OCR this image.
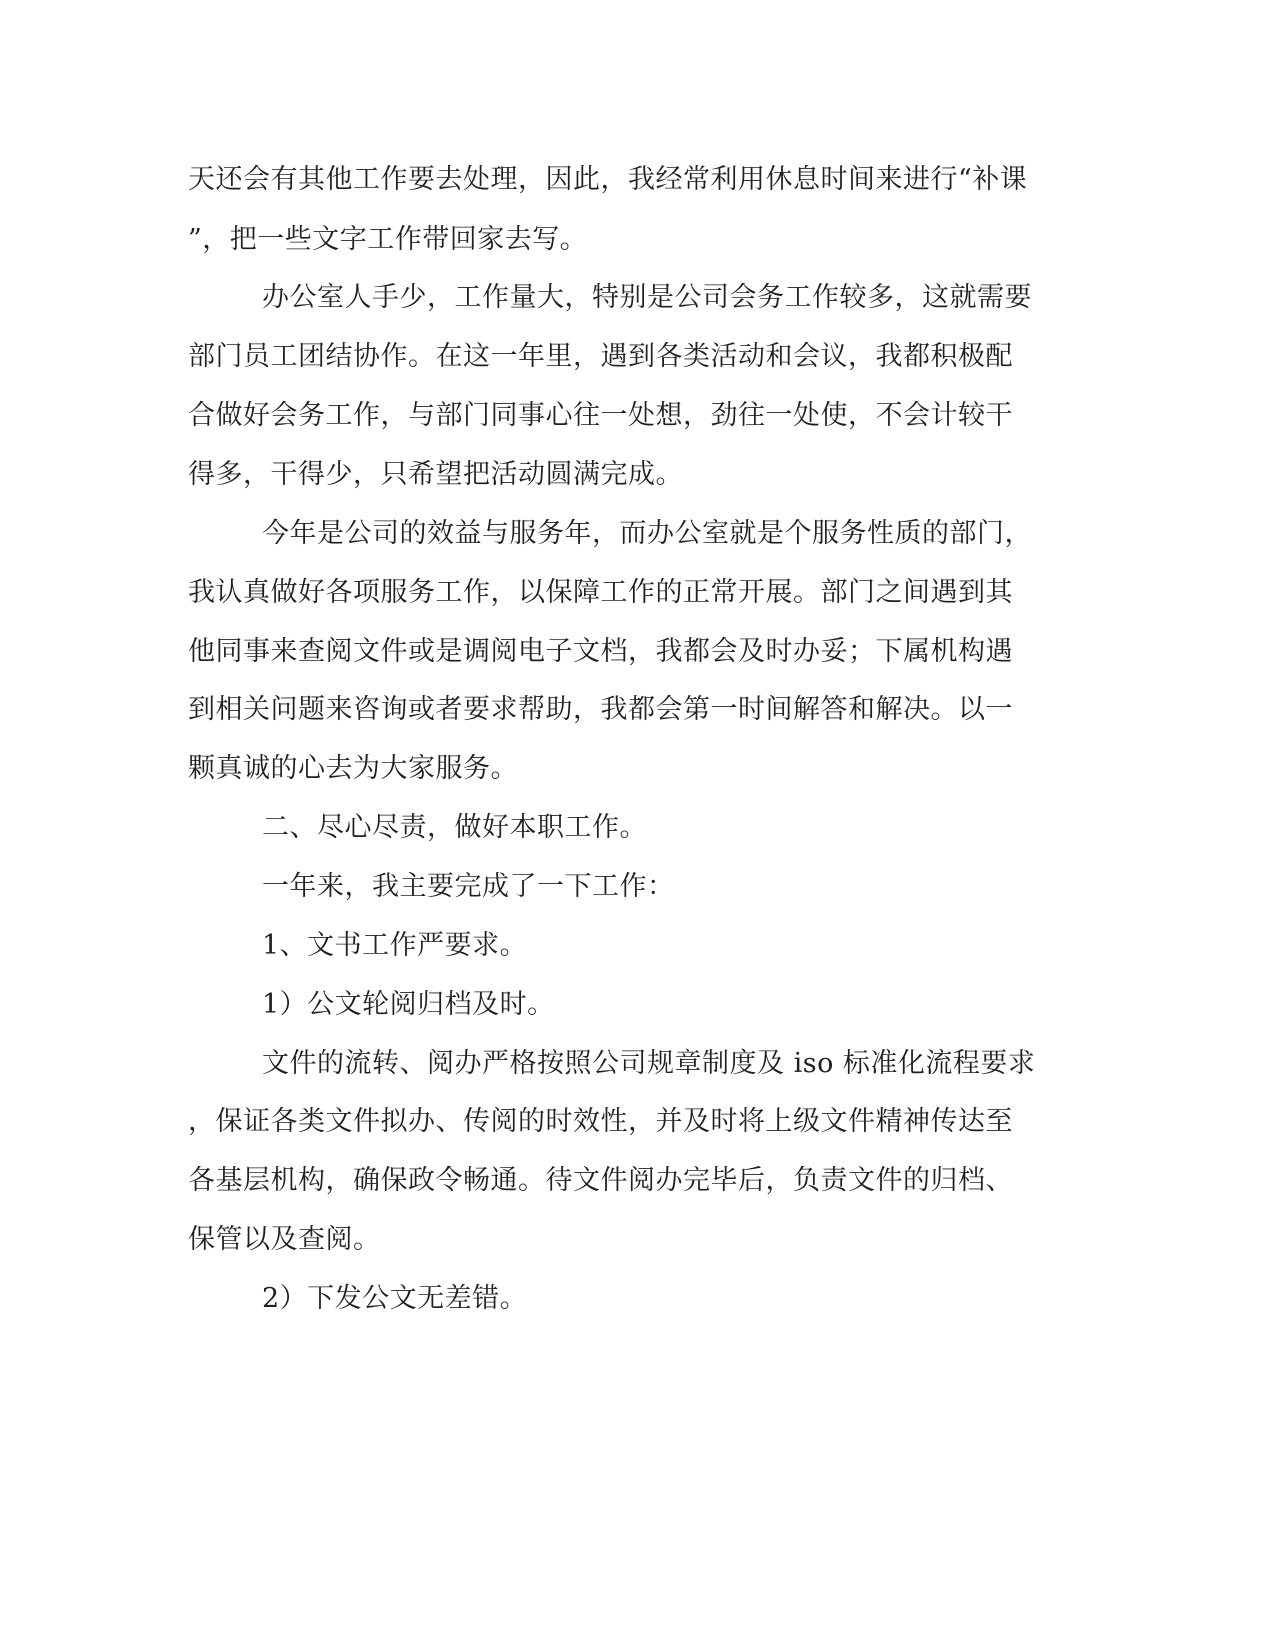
天还会有其他工作要去处理，因此，我经常利用休息时间来进行“补课
”，把一些文字工作带回家去写。
办公室人手少，工作量大，特别是公司会务工作较多，这就需要
部门员工团结协作。在这一年里，遇到各类活动和会议，我都积极配
合做好会务工作，与部门同事心往一处想，劲往一处使，不会计较干
得多，干得少，只希望把活动圆满完成。
今年是公司的效益与服务年，而办公室就是个服务性质的部门，
我认真做好各项服务工作，以保障工作的正常开展。部门之间遇到其
他同事来查阅文件或是调阅电子文档，我都会及时办妥；下属机构遇
到相关问题来咨询或者要求帮助，我都会第一时间解答和解决。以一
颗真诚的心去为大家服务。
二、尽心尽责，做好本职工作。
一年来，我主要完成了一下工作：
1、文书工作严要求。
1）公文轮阅归档及时。
文件的流转、阅办严格按照公司规章制度及 iso 标准化流程要求
，保证各类文件拟办、传阅的时效性，并及时将上级文件精神传达至
各基层机构，确保政令畅通。待文件阅办完毕后，负责文件的归档、
保管以及查阅。
2）下发公文无差错。
